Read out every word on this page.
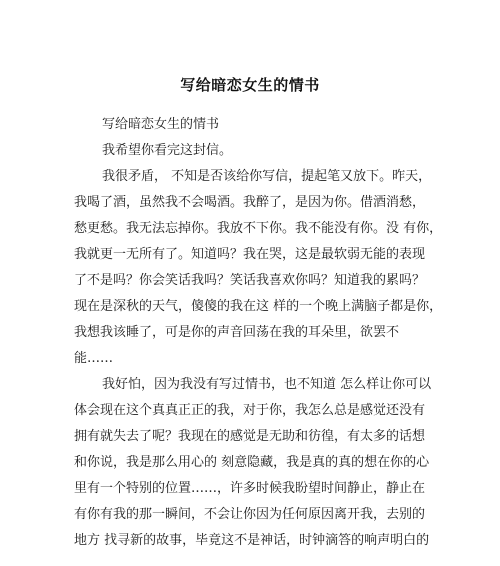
写给暗恋女生的情书
写给暗恋女生的情书
我希望你看完这封信。
我很矛盾， 不知是否该给你写信，提起笔又放下。昨天，
我喝了酒，虽然我不会喝酒。我醉了，是因为你。借酒消愁，
愁更愁。我无法忘掉你。我放不下你。我不能没有你。没 有你，
我就更一无所有了。知道吗？我在哭，这是最软弱无能的表现
了不是吗？你会笑话我吗？笑话我喜欢你吗？知道我的累吗？
现在是深秋的天气，傻傻的我在这 样的一个晚上满脑子都是你，
我想我该睡了，可是你的声音回荡在我的耳朵里，欲罢不
能……
我好怕，因为我没有写过情书，也不知道 怎么样让你可以
体会现在这个真真正正的我，对于你，我怎么总是感觉还没有
拥有就失去了呢？我现在的感觉是无助和彷徨，有太多的话想
和你说，我是那么用心的 刻意隐藏，我是真的真的想在你的心
里有一个特别的位置……，许多时候我盼望时间静止，静止在
有你有我的那一瞬间，不会让你因为任何原因离开我，去别的
地方 找寻新的故事，毕竟这不是神话，时钟滴答的响声明白的
